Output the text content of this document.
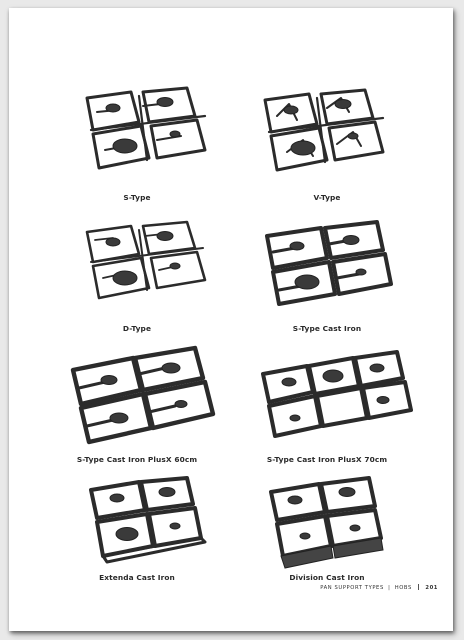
S-Type	V-Type
D-Type	S-Type Cast Iron
S-Type Cast Iron PlusX 60cm	S-Type Cast Iron PlusX 70cm
Extenda Cast Iron	Division Cast Iron
PAN SUPPORT TYPES | HOBS	201
